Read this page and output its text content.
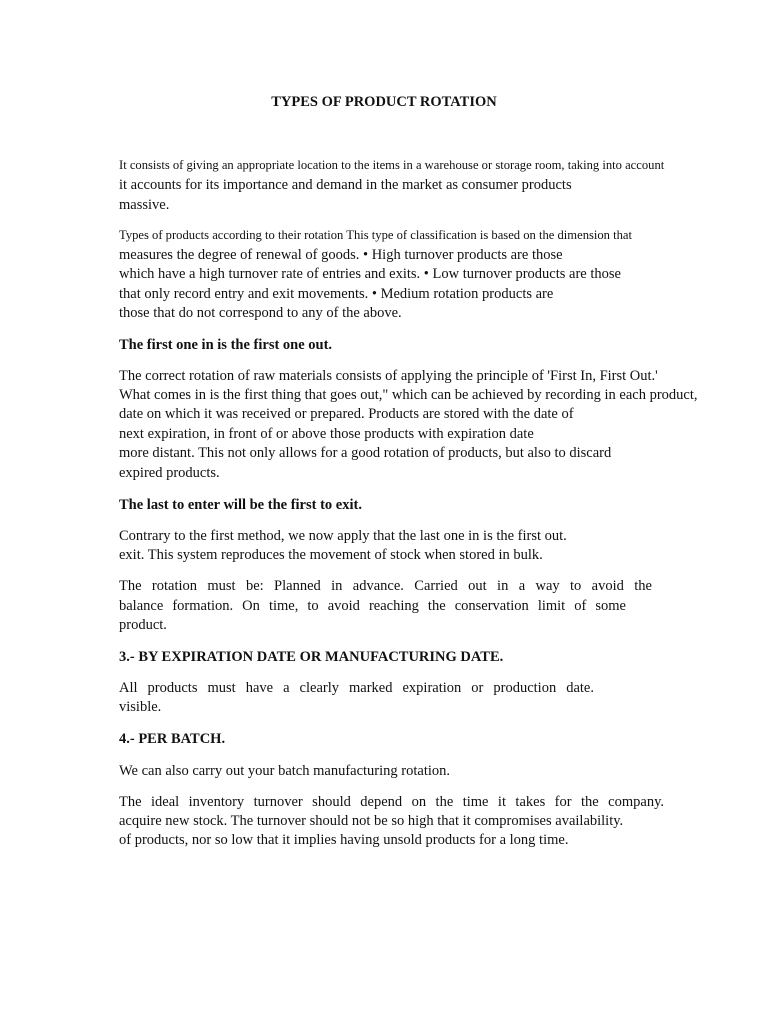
TYPES OF PRODUCT ROTATION

It consists of giving an appropriate location to the items in a warehouse or storage room, taking into account

it accounts for its importance and demand in the market as consumer products

massive.

Types of products according to their rotation This type of classification is based on the dimension that

measures the degree of renewal of goods. • High turnover products are those

which have a high turnover rate of entries and exits. • Low turnover products are those

that only record entry and exit movements. • Medium rotation products are

those that do not correspond to any of the above.

The first one in is the first one out.

The correct rotation of raw materials consists of applying the principle of 'First In, First Out.'

What comes in is the first thing that goes out," which can be achieved by recording in each product,

date on which it was received or prepared. Products are stored with the date of

next expiration, in front of or above those products with expiration date

more distant. This not only allows for a good rotation of products, but also to discard

expired products.

The last to enter will be the first to exit.

Contrary to the first method, we now apply that the last one in is the first out.

exit. This system reproduces the movement of stock when stored in bulk.

The rotation must be: Planned in advance. Carried out in a way to avoid the

balance formation. On time, to avoid reaching the conservation limit of some

product.

3.- BY EXPIRATION DATE OR MANUFACTURING DATE.

All products must have a clearly marked expiration or production date.

visible.

4.- PER BATCH.

We can also carry out your batch manufacturing rotation.

The ideal inventory turnover should depend on the time it takes for the company.

acquire new stock. The turnover should not be so high that it compromises availability.

of products, nor so low that it implies having unsold products for a long time.
